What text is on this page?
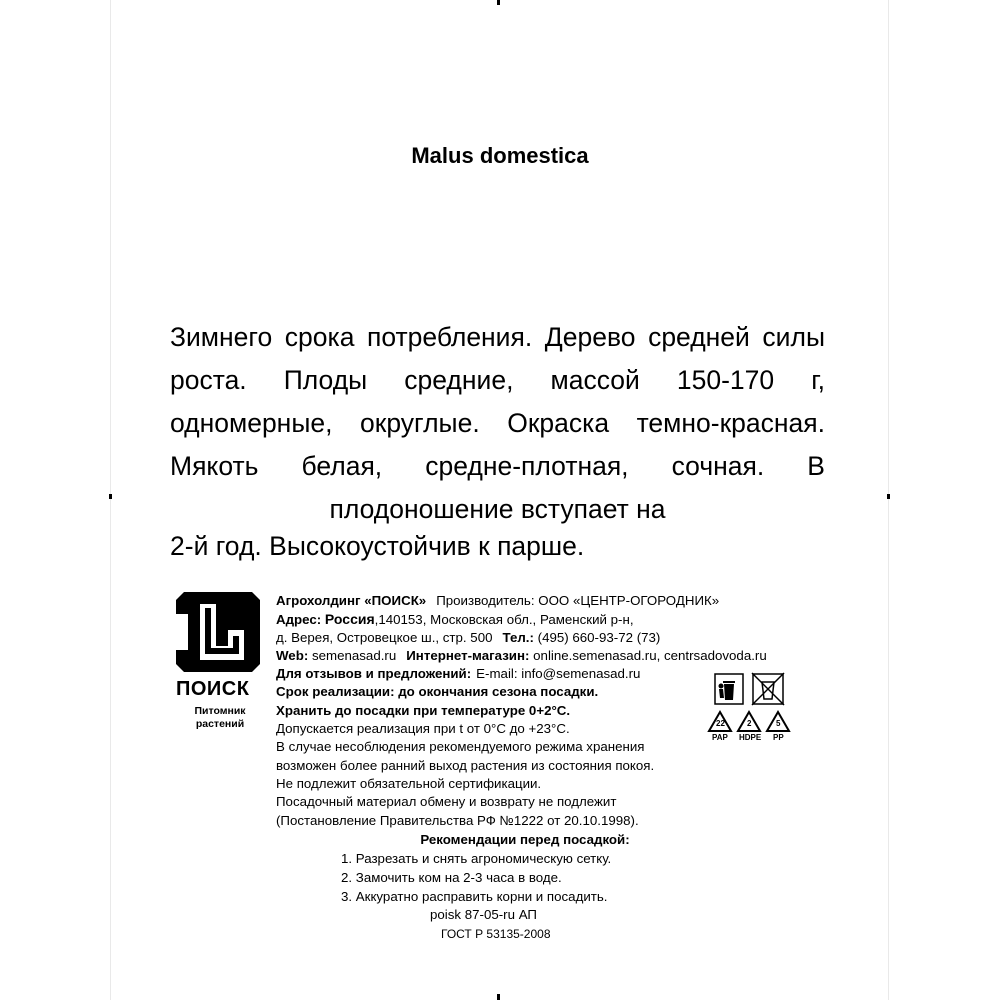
Malus domestica
Зимнего срока потребления. Дерево средней силы роста. Плоды средние, массой 150-170 г, одномерные, округлые. Окраска темно-красная. Мякоть белая, средне-плотная, сочная. В плодоношение вступает на
2-й год. Высокоустойчив к парше.
ПОИСК
Питомник
растений
Агрохолдинг «ПОИСК» Производитель: ООО «ЦЕНТР-ОГОРОДНИК»
Адрес: Россия,140153, Московская обл., Раменский р-н,
д. Верея, Островецкое ш., стр. 500 Тел.: (495) 660-93-72 (73)
Web: semenasad.ru Интернет-магазин: online.semenasad.ru, centrsadovoda.ru
Для отзывов и предложений: E-mail: info@semenasad.ru
Срок реализации: до окончания сезона посадки.
Хранить до посадки при температуре 0+2°С.
Допускается реализация при t от 0°С до +23°С.
В случае несоблюдения рекомендуемого режима хранения
возможен более ранний выход растения из состояния покоя.
Не подлежит обязательной сертификации.
Посадочный материал обмену и возврату не подлежит
(Постановление Правительства РФ №1222 от 20.10.1998).
22	2	5
PAP HDPE PP
Рекомендации перед посадкой:
1. Разрезать и снять агрономическую сетку.
2. Замочить ком на 2-3 часа в воде.
3. Аккуратно расправить корни и посадить.
poisk 87-05-ru АП
ГОСТ Р 53135-2008
